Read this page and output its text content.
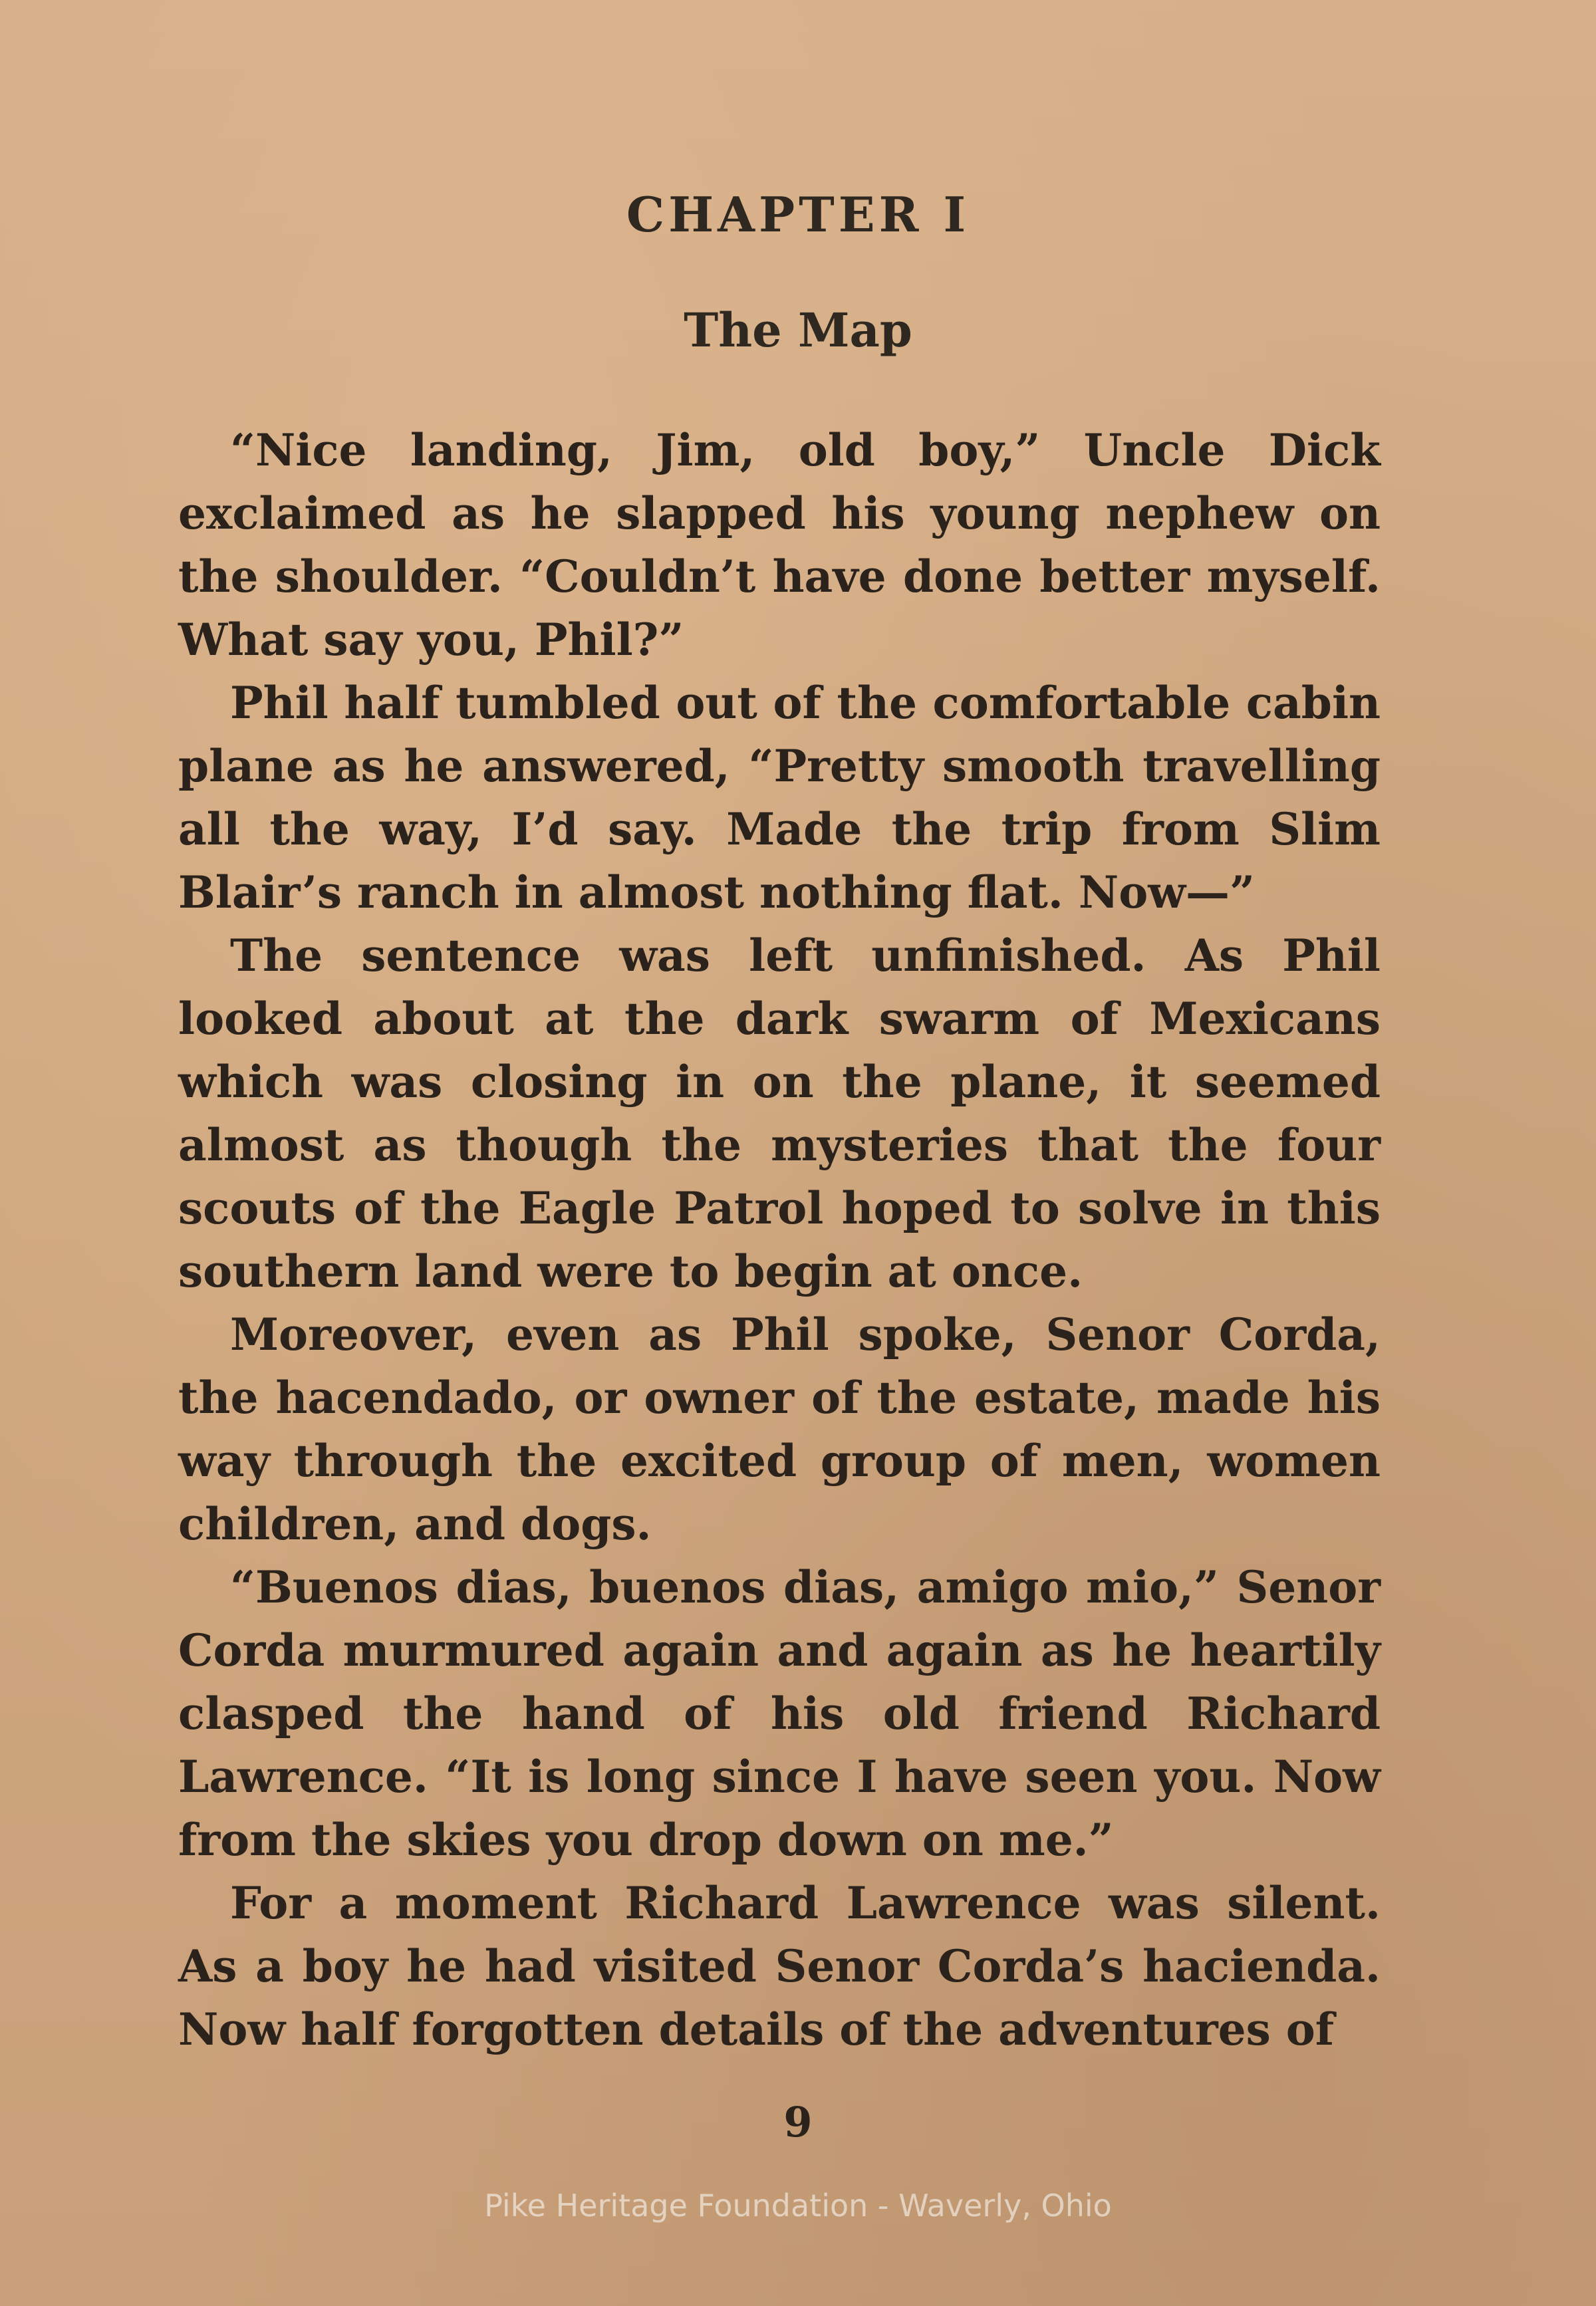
CHAPTER I
The Map

“Nice landing, Jim, old boy,” Uncle Dick exclaimed as he slapped his young nephew on the shoulder. “Couldn’t have done better myself. What say you, Phil?”

Phil half tumbled out of the comfortable cabin plane as he answered, “Pretty smooth travelling all the way, I’d say. Made the trip from Slim Blair’s ranch in almost nothing flat. Now—”

The sentence was left unfinished. As Phil looked about at the dark swarm of Mexicans which was closing in on the plane, it seemed almost as though the mysteries that the four scouts of the Eagle Patrol hoped to solve in this southern land were to begin at once.

Moreover, even as Phil spoke, Senor Corda, the hacendado, or owner of the estate, made his way through the excited group of men, women children, and dogs.

“Buenos dias, buenos dias, amigo mio,” Senor Corda murmured again and again as he heartily clasped the hand of his old friend Richard Lawrence. “It is long since I have seen you. Now from the skies you drop down on me.”

For a moment Richard Lawrence was silent. As a boy he had visited Senor Corda’s hacienda. Now half forgotten details of the adventures of

9
Pike Heritage Foundation - Waverly, Ohio
